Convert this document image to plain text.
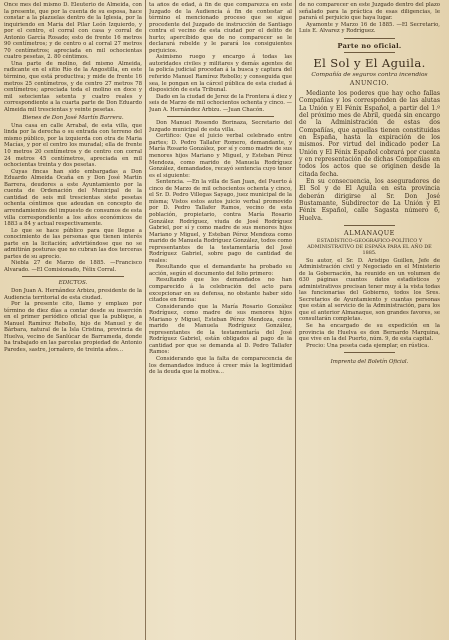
Once mes del mismo D. Eleuterio de Almeida, con la presente, que por la cuenta de su esposa, hace constar a la plazuelas dentro de la Iglesia, por la inquiriendo en Maria del Pilar León Izquierdo, y por el centro, el corral con casa y corral de Antonio García Rosado; esto de frente 16 metros 90 centímetros; y de centro o al corral 27 metros 70 centímetros; apreciada en mil ochocientas cuatro pesetas, 2. 80 céntimos.

Una parte de molino, del mismo Almeida, radicante en el sitio Río de la Angostilla, en este término, que está productiva; y mide de frente 16 metros 25 centímetros, y de centro 27 metros 78 centímetros; apreciada toda el molino en doce y mil setecientas setenta y cuatro reales y correspondiente a la cuarta parte de Don Eduardo Almeida mil trescientas y veinte pesetas.

Bienes de Don José Martín Barrera.

Una casa en calle Arrabal, de esta villa, que linda por la derecha o su entrada con terreno del mismo público, por la izquierda con otra de Maria Macías, y por el centro los muradal; ella de frente 10 metros 20 centímetros y de centro con corral 24 metros 45 centímetros, apreciada en mil ochocientas treinta y dos pesetas.

Cuyas fincas han sido embargadas a Don Eduardo Almeida Ocaña en y Don José Martín Barrera, deudores a este Ayuntamiento por la cuenta de Ordenación del Municipal de la cantidad de seis mil trescientas siete pesetas ochenta céntimos que adeudan en concepto de arrendamientos del impuesto de consumos de esta villa correspondiente a los años económicos de 1883 a 84 y actual respectivamente.

Lo que se hace público para que llegue a conocimiento de las personas que tienen interés parte en la licitación; advirtiéndose que no se admitirán posturas que no cubran las dos terceras partes de su aprecio.

Niebla 27 de Marzo de 1885. —Francisco Alvarado. —El Comisionado, Félix Corral.

EDICTOS.

Don Juan A. Hernández Arbizu, presidente de la Audiencia territorial de esta ciudad.

Por la presente cito, llamo y emplazo por término de diez días a contar desde su inserción en el primer periódico oficial que la publique, a Manuel Ramírez Rebollo, hijo de Manuel y de Bárbara, natural de la Isla Cristina, provincia de Huelva, vecino de Sanlúcar de Barrameda, donde ha trabajado en las parcelas propiedad de Antonio Paredes, sastre, jornalero, de treinta años...

ta años de edad, á fin de que comparezca en este Juzgado de la Audiencia á fin de contestar al término el mencionado proceso que se sigue procedente del Juzgado de instrucción de Santiago contra el vecino de esta ciudad por el delito de hurto; apercibido que de no comparecer se le declarará rebelde y le parará los consiguientes perjuicios.

Asimismo ruego y encargo á todas las autoridades civiles y militares y demás agentes de la policía judicial procedan á la busca y captura del referido Manuel Ramírez Rebollo; y conseguida que sea, le pongan en la cárcel pública de esta ciudad á disposición de esta Tribunal.

Dado en la ciudad de Jerez de la Frontera á diez y seis de Marzo de mil ochocientos ochenta y cinco. —Juan A. Hernández Arbizu. —Juan Chacón.

Don Manuel Rosendo Borinaza, Secretario del Juzgado municipal de esta villa.

Certifico: Que el juicio verbal celebrado entre partes; D. Pedro Tallafer Romero, demandante, y María Rosario González, por sí y como madre de sus menores hijos Mariano y Miguel, y Esteban Pérez Mendoza, como marido de Manuela Rodríguez González, demandados, recayó sentencia cuyo tenor es el siguiente:

Sentencia. —En la villa de San Juan, del Puerto á cinco de Marzo de mil ochocientos ochenta y cinco, el Sr. D. Pedro Villegas Sayago, juez municipal de la misma; Vistos estos autos juicio verbal promovido por D. Pedro Tallafer Ramos, vecino de esta población, propietario, contra María Rosario González Rodríguez, viuda de José Rodríguez Gabriel, por sí y como madre de sus menores hijos Mariano y Miguel, y Esteban Pérez Mendoza como marido de Manuela Rodríguez González, todos como representantes de la testamentaría del José Rodríguez Gabriel, sobre pago de cantidad de reales:

Resultando que el demandante ha probado su acción, según el documento del folio primero:

Resultando que los demandados no han comparecido á la celebración del acto para excepcionar en su defensa, no obstante haber sido citados en forma:

Considerando que la María Rosario González Rodríguez, como madre de sus menores hijos Mariano y Miguel, Esteban Pérez Mendoza, como marido de Manuela Rodríguez González, representantes de la testamentaría del José Rodríguez Gabriel, están obligados al pago de la cantidad por que se demanda al D. Pedro Tallafer Ramos:

Considerando que la falta de comparecencia de los demandados induce á creer más la legitimidad de la deuda que la motiva...

de no comparecer en este Juzgado dentro del plazo señalado para la práctica de esas diligencias, le parará el perjuicio que haya lugar.

Ayamonte y Marzo 16 de 1885. —El Secretario, Luis E. Alvarez y Rodríguez.

Parte no oficial.

El Sol y El Aguila.

Compañía de seguros contra incendios

ANUNCIO.

Mediante los poderes que hay ocho fallas Compañías y los corresponden de las alutas La Unión y El Fénix Español, a partir del 1.º del próximo mes de Abril, queda sin encargo de la Administración de estas dos Compañías, que aquellas tienen constituidas en España, hasta la expiración de los mismos. Por virtud del indicado poder La Unión y El Fénix Español cobrará por cuenta y en representación de dichas Compañías en todos los actos que se originen desde la citada fecha.

En su consecuencia, los aseguradores de El Sol y de El Aguila en esta provincia deberán dirigirse al Sr. Don José Bustamante, Subdirector de La Unión y El Fénix Español, calle Sagasta número 6, Huelva.

ALMANAQUE

ESTADÍSTICO-GEOGRÁFICO-POLÍTICO Y ADMINISTRATIVO DE ESPAÑA PARA EL AÑO DE 1885.

Su autor, el Sr. D. Aristipo Guillen, Jefe de Administración civil y Negociado en el Ministerio de la Gobernación, ha reunido en un volumen de 630 páginas cuantos datos estadísticos y administrativos precisan tener muy á la vista todas las funcionarias del Gobierno, todos los Sres. Secretarios de Ayuntamiento y cuantas personas que están al servicio de la Administración, para los que el anterior Almanaque, son grandes favores, se consultarán completas.

Se ha encargado de su expedición en la provincia de Huelva es don Bernardo Marquina, que vive en la del Puerto, núm. 9, de esta capital.

Precio: Una peseta cada ejemplar, en rústica.

Imprenta del Boletín Oficial.
